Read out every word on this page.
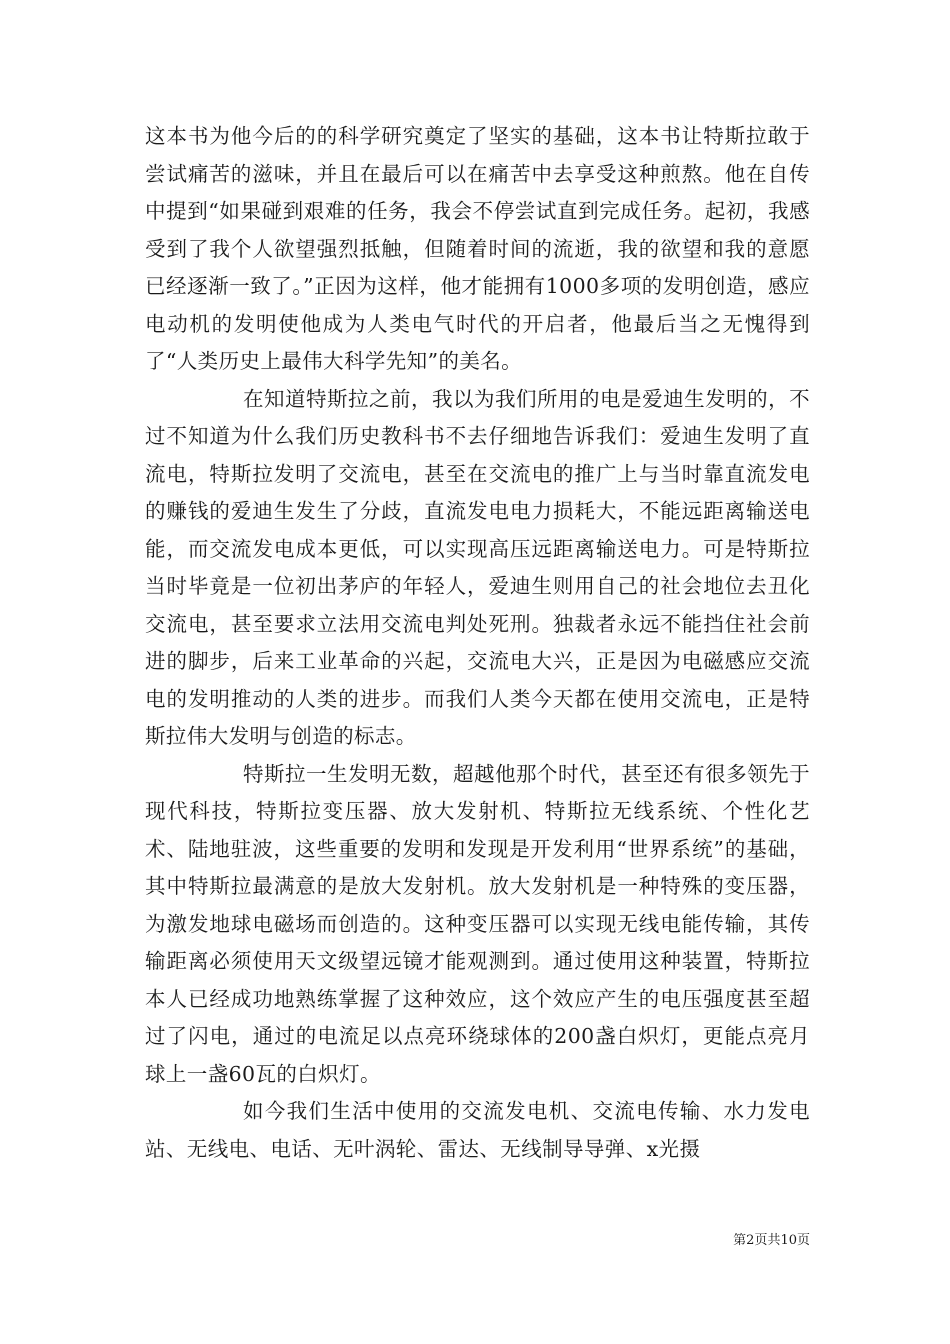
这本书为他今后的的科学研究奠定了坚实的基础，这本书让特斯拉敢于尝试痛苦的滋味，并且在最后可以在痛苦中去享受这种煎熬。他在自传中提到“如果碰到艰难的任务，我会不停尝试直到完成任务。起初，我感受到了我个人欲望强烈抵触，但随着时间的流逝，我的欲望和我的意愿已经逐渐一致了。”正因为这样，他才能拥有1000多项的发明创造，感应电动机的发明使他成为人类电气时代的开启者，他最后当之无愧得到了“人类历史上最伟大科学先知”的美名。

在知道特斯拉之前，我以为我们所用的电是爱迪生发明的，不过不知道为什么我们历史教科书不去仔细地告诉我们：爱迪生发明了直流电，特斯拉发明了交流电，甚至在交流电的推广上与当时靠直流发电的赚钱的爱迪生发生了分歧，直流发电电力损耗大，不能远距离输送电能，而交流发电成本更低，可以实现高压远距离输送电力。可是特斯拉当时毕竟是一位初出茅庐的年轻人，爱迪生则用自己的社会地位去丑化交流电，甚至要求立法用交流电判处死刑。独裁者永远不能挡住社会前进的脚步，后来工业革命的兴起，交流电大兴，正是因为电磁感应交流电的发明推动的人类的进步。而我们人类今天都在使用交流电，正是特斯拉伟大发明与创造的标志。

特斯拉一生发明无数，超越他那个时代，甚至还有很多领先于现代科技，特斯拉变压器、放大发射机、特斯拉无线系统、个性化艺术、陆地驻波，这些重要的发明和发现是开发利用“世界系统”的基础，其中特斯拉最满意的是放大发射机。放大发射机是一种特殊的变压器，为激发地球电磁场而创造的。这种变压器可以实现无线电能传输，其传输距离必须使用天文级望远镜才能观测到。通过使用这种装置，特斯拉本人已经成功地熟练掌握了这种效应，这个效应产生的电压强度甚至超过了闪电，通过的电流足以点亮环绕球体的200盏白炽灯，更能点亮月球上一盏60瓦的白炽灯。

如今我们生活中使用的交流发电机、交流电传输、水力发电站、无线电、电话、无叶涡轮、雷达、无线制导导弹、x光摄

第2页共10页
